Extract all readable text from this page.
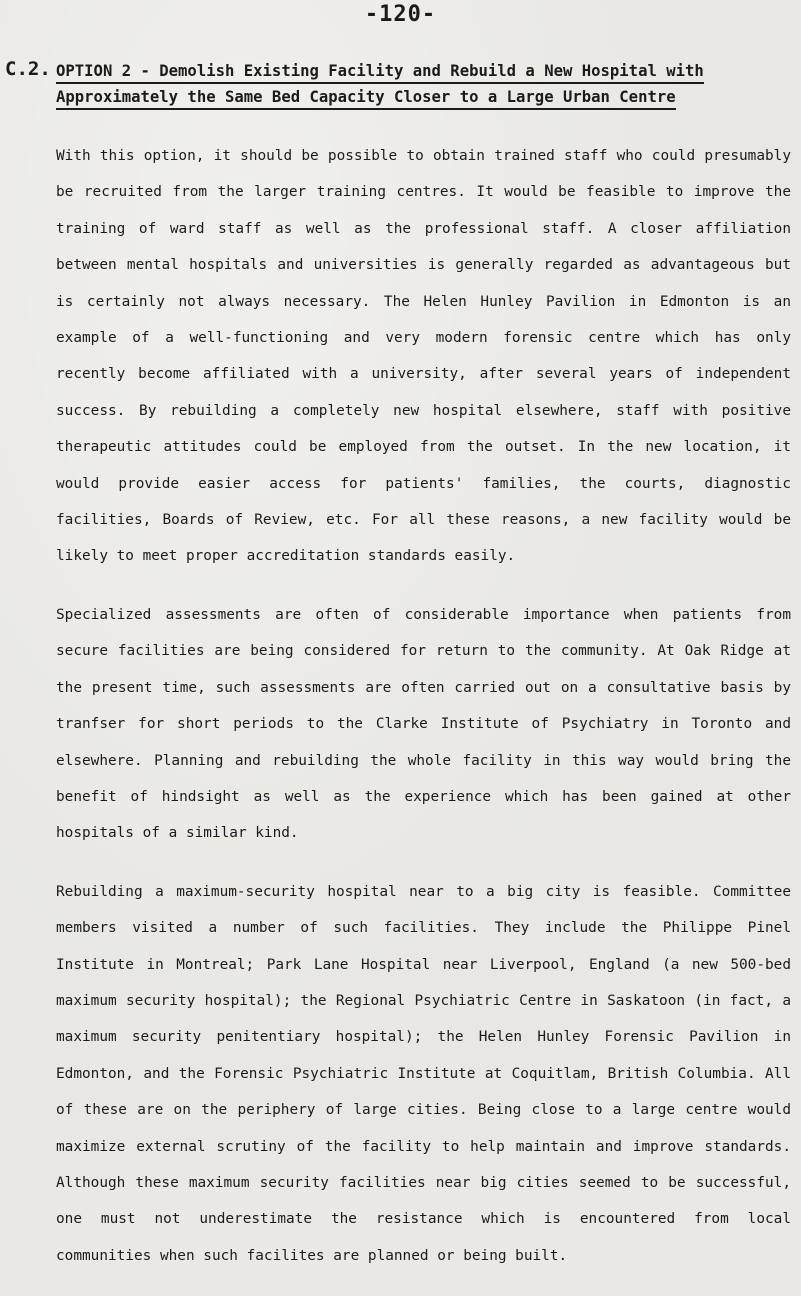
-120-
C.2. OPTION 2 - Demolish Existing Facility and Rebuild a New Hospital with
Approximately the Same Bed Capacity Closer to a Large Urban Centre

With this option, it should be possible to obtain trained staff who could presumably be recruited from the larger training centres. It would be feasible to improve the training of ward staff as well as the professional staff. A closer affiliation between mental hospitals and universities is generally regarded as advantageous but is certainly not always necessary. The Helen Hunley Pavilion in Edmonton is an example of a well-functioning and very modern forensic centre which has only recently become affiliated with a university, after several years of independent success. By rebuilding a completely new hospital elsewhere, staff with positive therapeutic attitudes could be employed from the outset. In the new location, it would provide easier access for patients' families, the courts, diagnostic facilities, Boards of Review, etc. For all these reasons, a new facility would be likely to meet proper accreditation standards easily.

Specialized assessments are often of considerable importance when patients from secure facilities are being considered for return to the community. At Oak Ridge at the present time, such assessments are often carried out on a consultative basis by tranfser for short periods to the Clarke Institute of Psychiatry in Toronto and elsewhere. Planning and rebuilding the whole facility in this way would bring the benefit of hindsight as well as the experience which has been gained at other hospitals of a similar kind.

Rebuilding a maximum-security hospital near to a big city is feasible. Committee members visited a number of such facilities. They include the Philippe Pinel Institute in Montreal; Park Lane Hospital near Liverpool, England (a new 500-bed maximum security hospital); the Regional Psychiatric Centre in Saskatoon (in fact, a maximum security penitentiary hospital); the Helen Hunley Forensic Pavilion in Edmonton, and the Forensic Psychiatric Institute at Coquitlam, British Columbia. All of these are on the periphery of large cities. Being close to a large centre would maximize external scrutiny of the facility to help maintain and improve standards. Although these maximum security facilities near big cities seemed to be successful, one must not underestimate the resistance which is encountered from local communities when such facilites are planned or being built.
